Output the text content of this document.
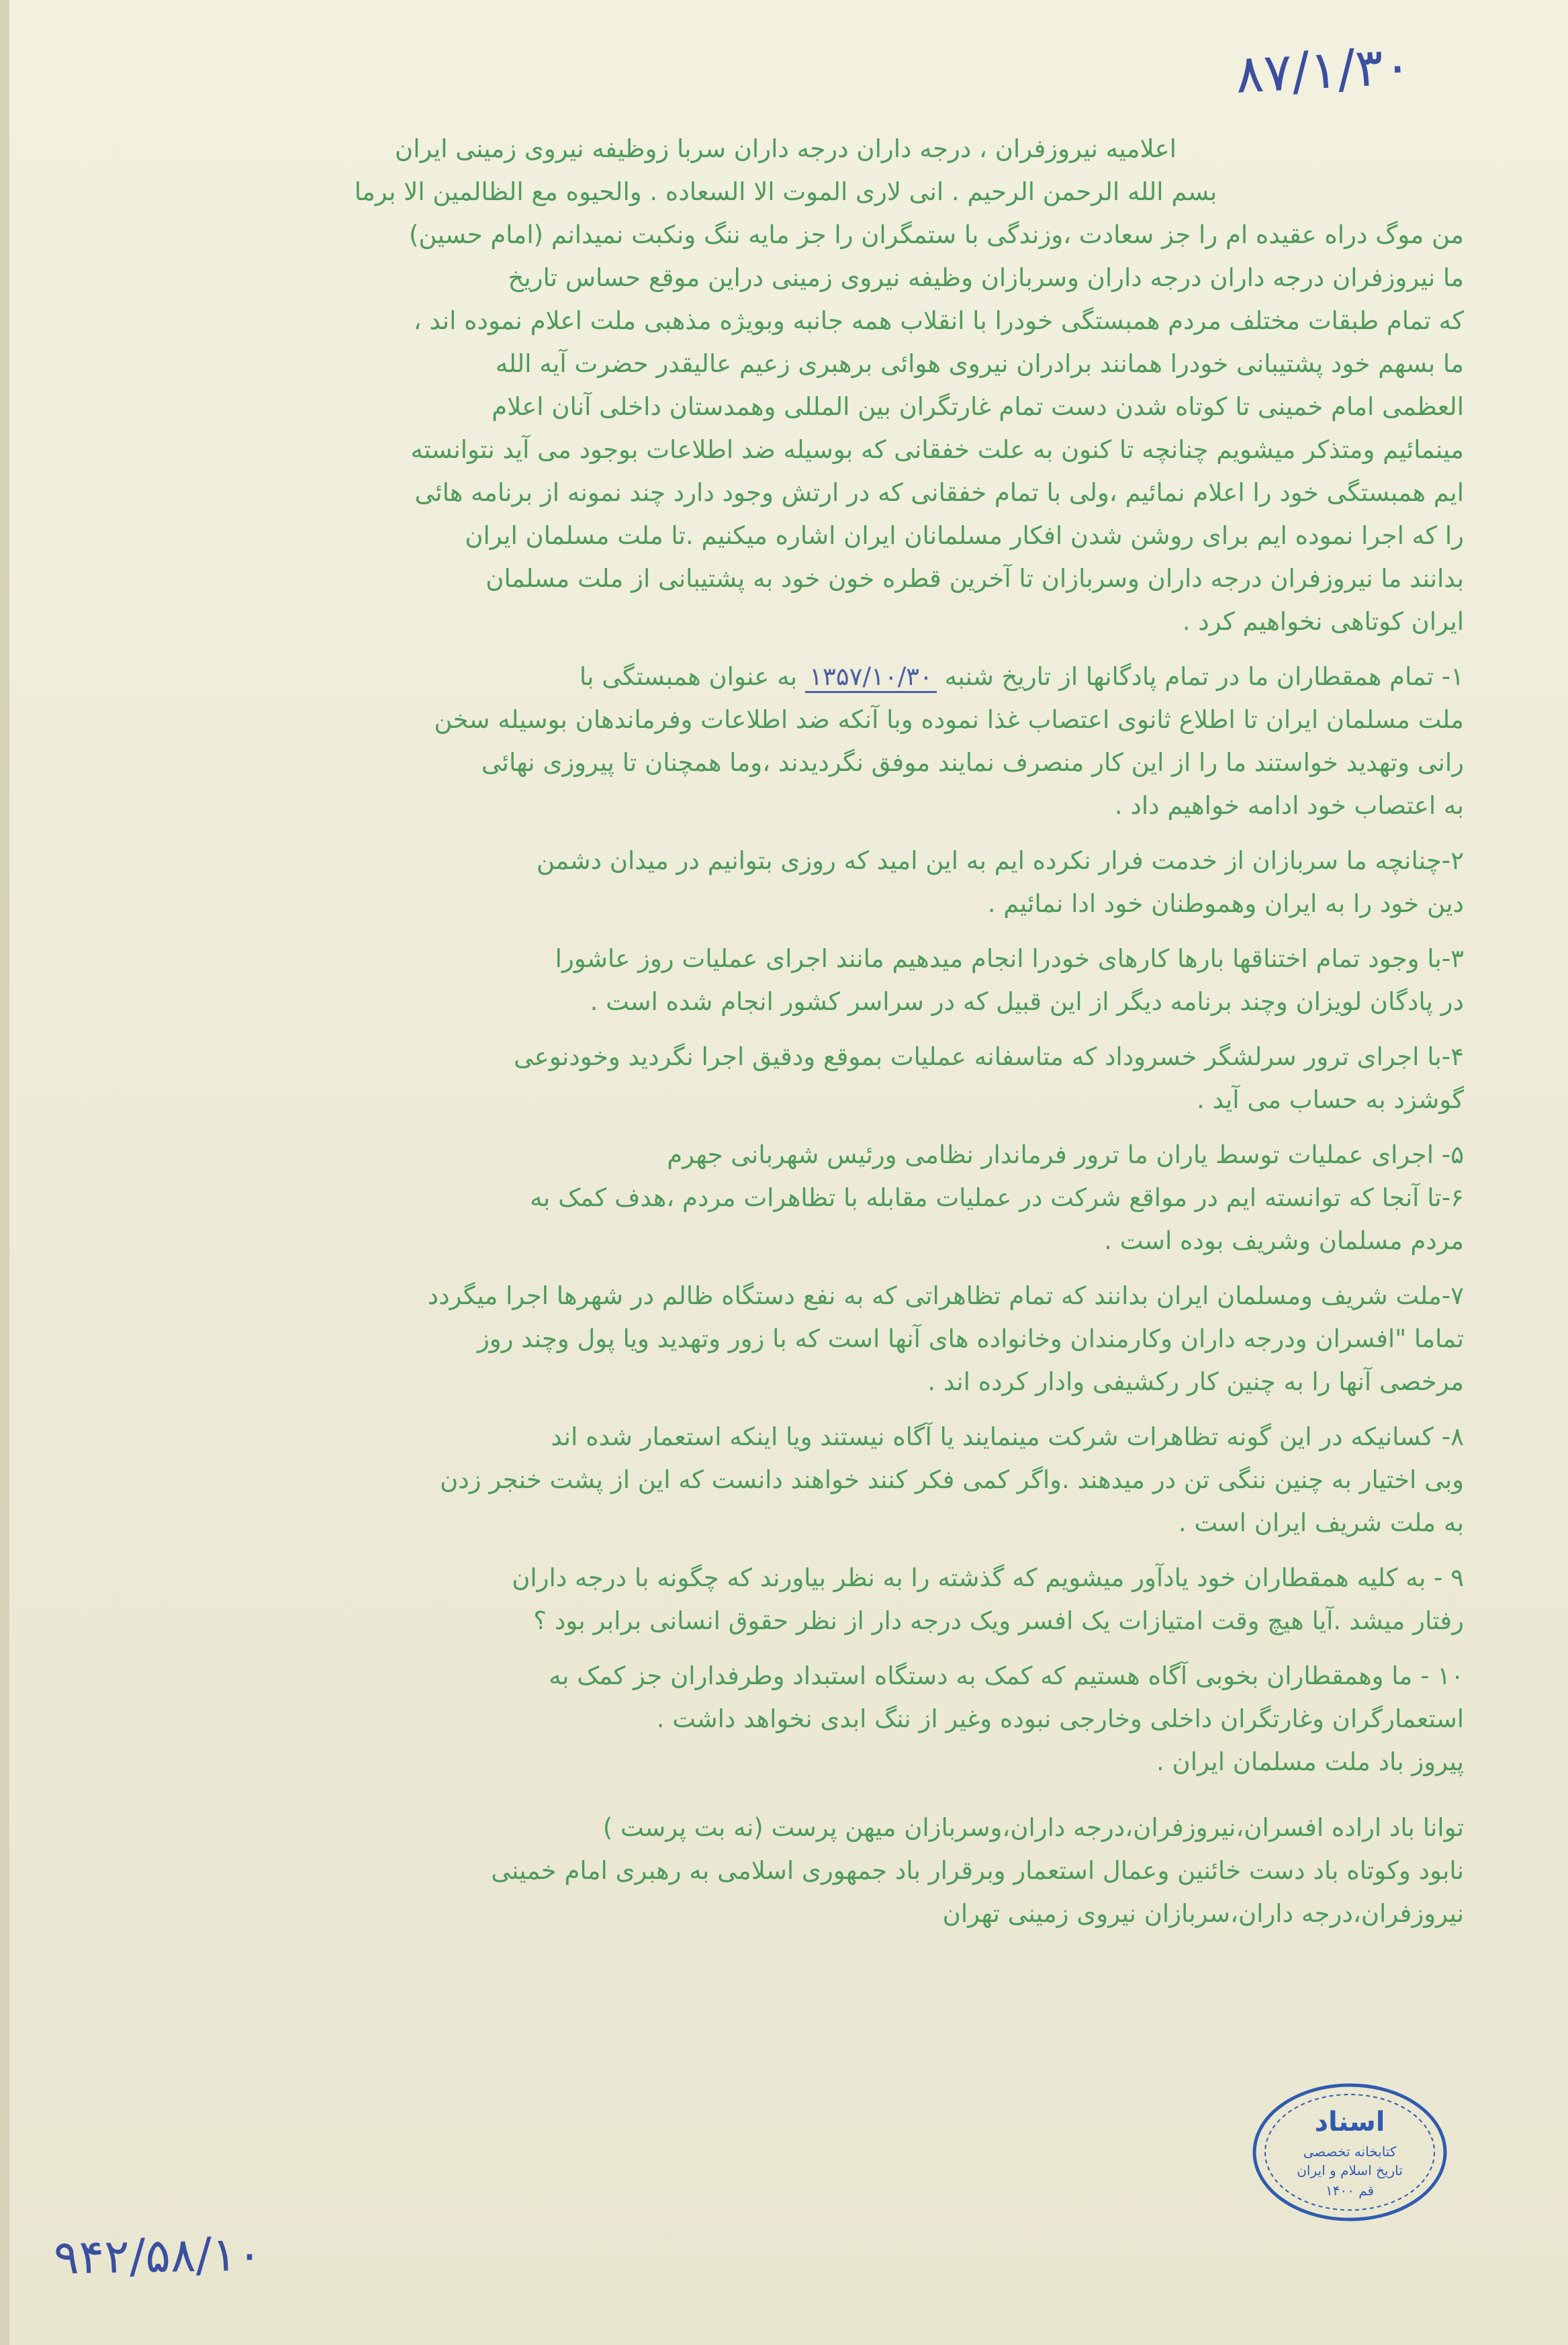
۸۷/۱/۳۰

اعلامیه نیروزفران ، درجه داران درجه داران سربا زوظیفه نیروی زمینی ایران

بسم الله الرحمن الرحیم . انی لاری الموت الا السعاده . والحیوه مع الظالمین الا برما

من موگ دراه عقیده ام را جز سعادت ،وزندگی با ستمگران را جز مایه ننگ ونکبت نمیدانم (امام حسین)

ما نیروزفران درجه داران درجه داران وسربازان وظیفه نیروی زمینی دراین موقع حساس تاریخ

که تمام طبقات مختلف مردم همبستگی خودرا با انقلاب همه جانبه وبویژه مذهبی ملت اعلام نموده اند ،

ما بسهم خود پشتیبانی خودرا همانند برادران نیروی هوائی برهبری زعیم عالیقدر حضرت آیه الله

العظمی امام خمینی تا کوتاه شدن دست تمام غارتگران بین المللی وهمدستان داخلی آنان اعلام

مینمائیم ومتذکر میشویم چنانچه تا کنون به علت خفقانی که بوسیله ضد اطلاعات بوجود می آید نتوانسته

ایم همبستگی خود را اعلام نمائیم ،ولی با تمام خفقانی که در ارتش وجود دارد چند نمونه از برنامه هائی

را که اجرا نموده ایم برای روشن شدن افکار مسلمانان ایران اشاره میکنیم .تا ملت مسلمان ایران

بدانند ما نیروزفران درجه داران وسربازان تا آخرین قطره خون خود به پشتیبانی از ملت مسلمان

ایران کوتاهی نخواهیم کرد .

۱- تمام همقطاران ما در تمام پادگانها از تاریخ شنبه ۱۳۵۷/۱۰/۳۰ به عنوان همبستگی با

ملت مسلمان ایران تا اطلاع ثانوی اعتصاب غذا نموده وبا آنکه ضد اطلاعات وفرماندهان بوسیله سخن

رانی وتهدید خواستند ما را از این کار منصرف نمایند موفق نگردیدند ،وما همچنان تا پیروزی نهائی

به اعتصاب خود ادامه خواهیم داد .

۲-چنانچه ما سربازان از خدمت فرار نکرده ایم به این امید که روزی بتوانیم در میدان دشمن

دین خود را به ایران وهموطنان خود ادا نمائیم .

۳-با وجود تمام اختناقها بارها کارهای خودرا انجام میدهیم مانند اجرای عملیات روز عاشورا

در پادگان لویزان وچند برنامه دیگر از این قبیل که در سراسر کشور انجام شده است .

۴-با اجرای ترور سرلشگر خسروداد که متاسفانه عملیات بموقع ودقیق اجرا نگردید وخودنوعی

گوشزد به حساب می آید .

۵- اجرای عملیات توسط یاران ما ترور فرماندار نظامی ورئیس شهربانی جهرم

۶-تا آنجا که توانسته ایم در مواقع شرکت در عملیات مقابله با تظاهرات مردم ،هدف کمک به

مردم مسلمان وشریف بوده است .

۷-ملت شریف ومسلمان ایران بدانند که تمام تظاهراتی که به نفع دستگاه ظالم در شهرها اجرا میگردد

تماما "افسران ودرجه داران وکارمندان وخانواده های آنها است که با زور وتهدید ویا پول وچند روز

مرخصی آنها را به چنین کار رکشیفی وادار کرده اند .

۸- کسانیکه در این گونه تظاهرات شرکت مینمایند یا آگاه نیستند ویا اینکه استعمار شده اند

وبی اختیار به چنین ننگی تن در میدهند .واگر کمی فکر کنند خواهند دانست که این از پشت خنجر زدن

به ملت شریف ایران است .

۹ - به کلیه همقطاران خود یادآور میشویم که گذشته را به نظر بیاورند که چگونه با درجه داران

رفتار میشد .آیا هیچ وقت امتیازات یک افسر ویک درجه دار از نظر حقوق انسانی برابر بود ؟

۱۰ - ما وهمقطاران بخوبی آگاه هستیم که کمک به دستگاه استبداد وطرفداران جز کمک به

استعمارگران وغارتگران داخلی وخارجی نبوده وغیر از ننگ ابدی نخواهد داشت .

پیروز باد ملت مسلمان ایران .

توانا باد اراده افسران،نیروزفران،درجه داران،وسربازان میهن پرست (نه بت پرست )

نابود وکوتاه باد دست خائنین وعمال استعمار وبرقرار باد جمهوری اسلامی به رهبری امام خمینی

نیروزفران،درجه داران،سربازان نیروی زمینی تهران

اسناد
کتابخانه تخصصی
تاریخ اسلام و ایران
قم ۱۴۰۰
۹۴۲/۵۸/۱۰
